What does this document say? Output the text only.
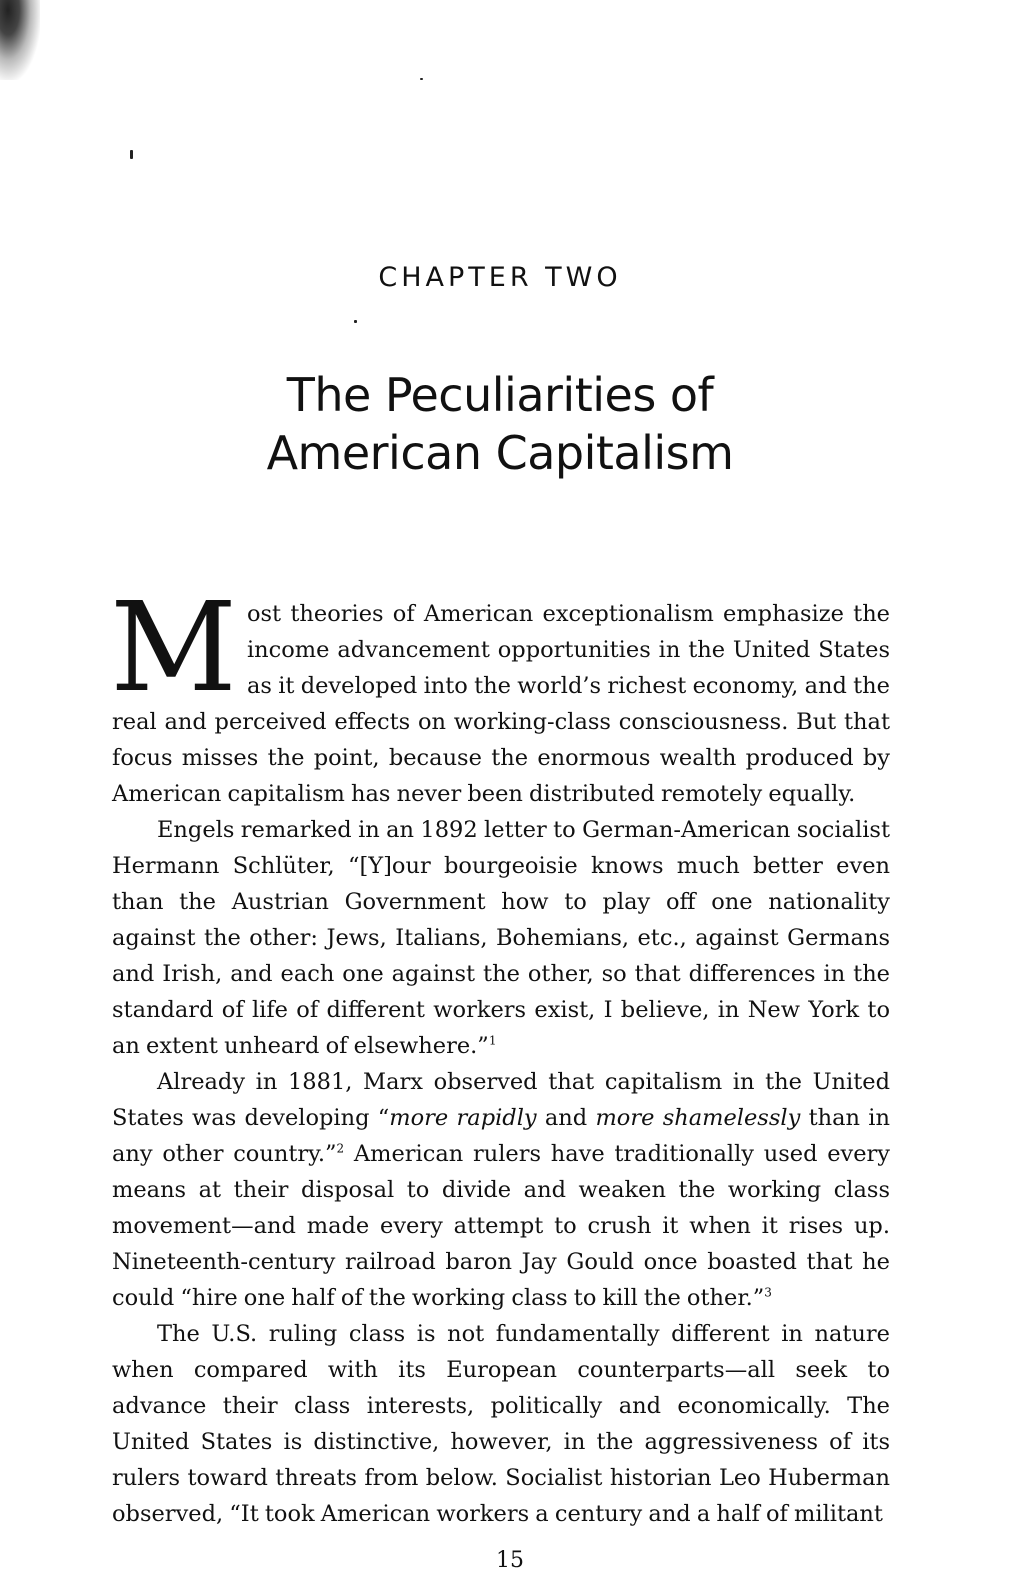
CHAPTER TWO
The Peculiarities of
American Capitalism

Most theories of American exceptionalism emphasize the income advancement opportunities in the United States as it developed into the world’s richest economy, and the real and perceived effects on working-class consciousness. But that focus misses the point, because the enormous wealth produced by American capitalism has never been distributed remotely equally.

Engels remarked in an 1892 letter to German-American socialist Hermann Schlüter, “[Y]our bourgeoisie knows much better even than the Austrian Government how to play off one nationality against the other: Jews, Italians, Bohemians, etc., against Germans and Irish, and each one against the other, so that differences in the standard of life of different workers exist, I believe, in New York to an extent unheard of elsewhere.”$^1$

Already in 1881, Marx observed that capitalism in the United States was developing “more rapidly and more shamelessly than in any other country.”$^2$ American rulers have traditionally used every means at their disposal to divide and weaken the working class movement—and made every attempt to crush it when it rises up. Nineteenth-century railroad baron Jay Gould once boasted that he could “hire one half of the working class to kill the other.”$^3$

The U.S. ruling class is not fundamentally different in nature when compared with its European counterparts—all seek to advance their class interests, politically and economically. The United States is distinctive, however, in the aggressiveness of its rulers toward threats from below. Socialist historian Leo Huberman observed, “It took American workers a century and a half of militant

15
